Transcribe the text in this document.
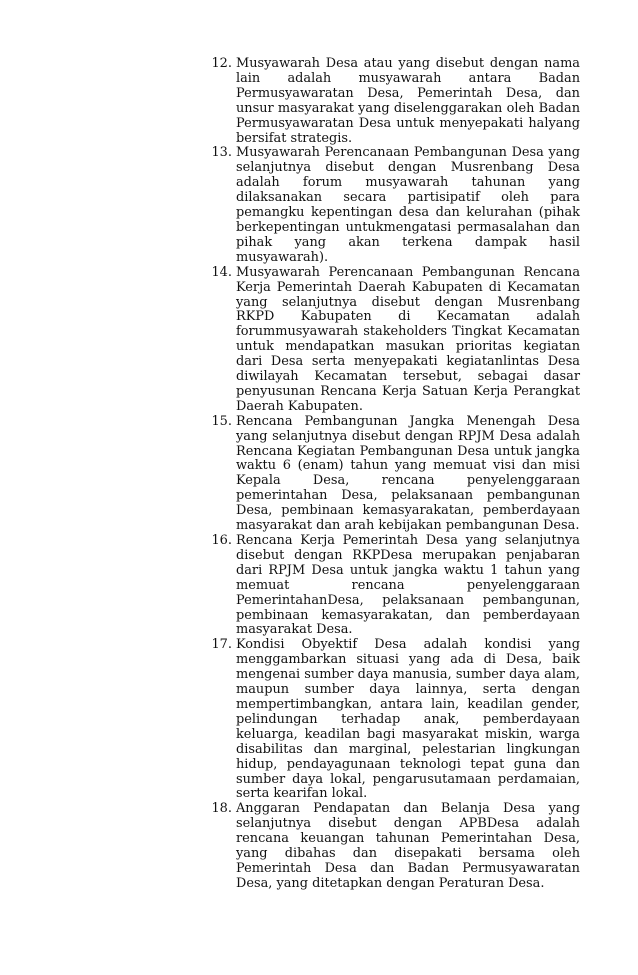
12. Musyawarah Desa atau yang disebut dengan nama lain adalah musyawarah antara Badan Permusyawaratan Desa, Pemerintah Desa, dan unsur masyarakat yang diselenggarakan oleh Badan Permusyawaratan Desa untuk menyepakati halyang bersifat strategis.
13. Musyawarah Perencanaan Pembangunan Desa yang selanjutnya disebut dengan Musrenbang Desa adalah forum musyawarah tahunan yang dilaksanakan secara partisipatif oleh para pemangku kepentingan desa dan kelurahan (pihak berkepentingan untukmengatasi permasalahan dan pihak yang akan terkena dampak hasil musyawarah).
14. Musyawarah Perencanaan Pembangunan Rencana Kerja Pemerintah Daerah Kabupaten di Kecamatan yang selanjutnya disebut dengan Musrenbang RKPD Kabupaten di Kecamatan adalah forummusyawarah stakeholders Tingkat Kecamatan untuk mendapatkan masukan prioritas kegiatan dari Desa serta menyepakati kegiatanlintas Desa diwilayah Kecamatan tersebut, sebagai dasar penyusunan Rencana Kerja Satuan Kerja Perangkat Daerah Kabupaten.
15. Rencana Pembangunan Jangka Menengah Desa yang selanjutnya disebut dengan RPJM Desa adalah Rencana Kegiatan Pembangunan Desa untuk jangka waktu 6 (enam) tahun yang memuat visi dan misi Kepala Desa, rencana penyelenggaraan pemerintahan Desa, pelaksanaan pembangunan Desa, pembinaan kemasyarakatan, pemberdayaan masyarakat dan arah kebijakan pembangunan Desa.
16. Rencana Kerja Pemerintah Desa yang selanjutnya disebut dengan RKPDesa merupakan penjabaran dari RPJM Desa untuk jangka waktu 1 tahun yang memuat rencana penyelenggaraan PemerintahanDesa, pelaksanaan pembangunan, pembinaan kemasyarakatan, dan pemberdayaan masyarakat Desa.
17. Kondisi Obyektif Desa adalah kondisi yang menggambarkan situasi yang ada di Desa, baik mengenai sumber daya manusia, sumber daya alam, maupun sumber daya lainnya, serta dengan mempertimbangkan, antara lain, keadilan gender, pelindungan terhadap anak, pemberdayaan keluarga, keadilan bagi masyarakat miskin, warga disabilitas dan marginal, pelestarian lingkungan hidup, pendayagunaan teknologi tepat guna dan sumber daya lokal, pengarusutamaan perdamaian, serta kearifan lokal.
18. Anggaran Pendapatan dan Belanja Desa yang selanjutnya disebut dengan APBDesa adalah rencana keuangan tahunan Pemerintahan Desa, yang dibahas dan disepakati bersama oleh Pemerintah Desa dan Badan Permusyawaratan Desa, yang ditetapkan dengan Peraturan Desa.
